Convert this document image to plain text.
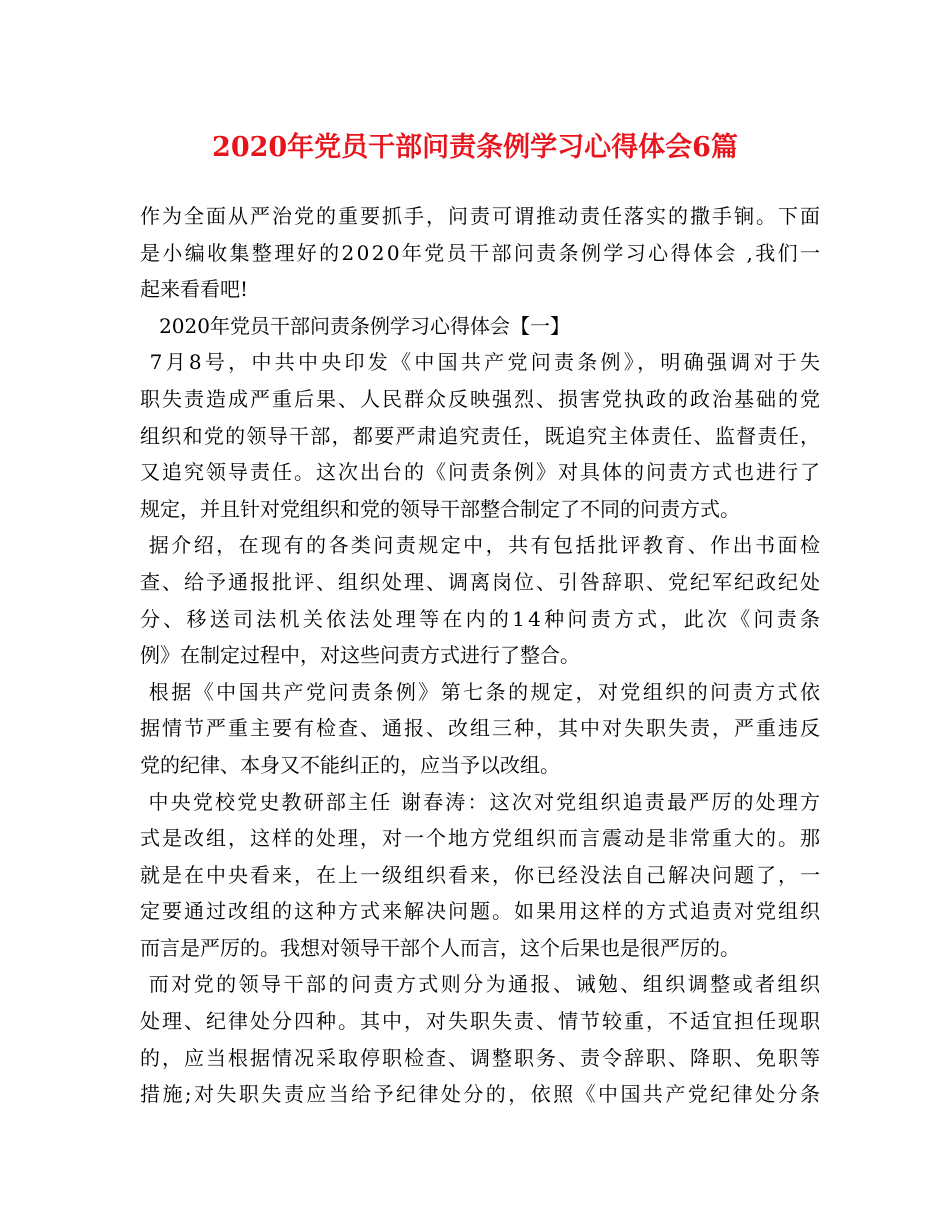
2020年党员干部问责条例学习心得体会6篇
作为全面从严治党的重要抓手，问责可谓推动责任落实的撒手锏。下面
是小编收集整理好的2020年党员干部问责条例学习心得体会 ,我们一
起来看看吧!
2020年党员干部问责条例学习心得体会【一】
7月8号，中共中央印发《中国共产党问责条例》，明确强调对于失
职失责造成严重后果、人民群众反映强烈、损害党执政的政治基础的党
组织和党的领导干部，都要严肃追究责任，既追究主体责任、监督责任，
又追究领导责任。这次出台的《问责条例》对具体的问责方式也进行了
规定，并且针对党组织和党的领导干部整合制定了不同的问责方式。
据介绍，在现有的各类问责规定中，共有包括批评教育、作出书面检
查、给予通报批评、组织处理、调离岗位、引咎辞职、党纪军纪政纪处
分、移送司法机关依法处理等在内的14种问责方式，此次《问责条
例》在制定过程中，对这些问责方式进行了整合。
根据《中国共产党问责条例》第七条的规定，对党组织的问责方式依
据情节严重主要有检查、通报、改组三种，其中对失职失责，严重违反
党的纪律、本身又不能纠正的，应当予以改组。
中央党校党史教研部主任 谢春涛：这次对党组织追责最严厉的处理方
式是改组，这样的处理，对一个地方党组织而言震动是非常重大的。那
就是在中央看来，在上一级组织看来，你已经没法自己解决问题了，一
定要通过改组的这种方式来解决问题。如果用这样的方式追责对党组织
而言是严厉的。我想对领导干部个人而言，这个后果也是很严厉的。
而对党的领导干部的问责方式则分为通报、诫勉、组织调整或者组织
处理、纪律处分四种。其中，对失职失责、情节较重，不适宜担任现职
的，应当根据情况采取停职检查、调整职务、责令辞职、降职、免职等
措施;对失职失责应当给予纪律处分的，依照《中国共产党纪律处分条
